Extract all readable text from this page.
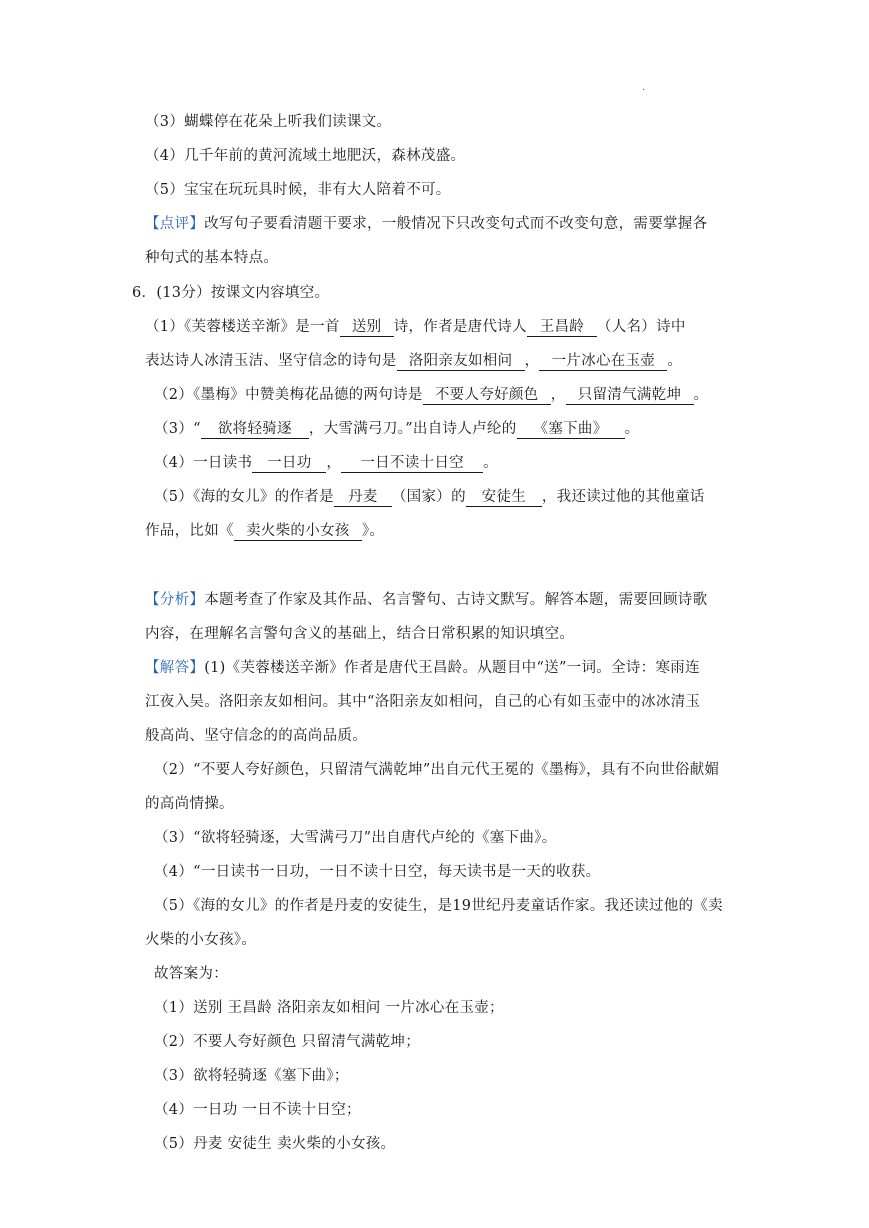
.
（3）蝴蝶停在花朵上听我们读课文。
（4）几千年前的黄河流域土地肥沃，森林茂盛。
（5）宝宝在玩玩具时候，非有大人陪着不可。
【点评】改写句子要看清题干要求，一般情况下只改变句式而不改变句意，需要掌握各
种句式的基本特点。
6．(13分）按课文内容填空。
（1）《芙蓉楼送辛渐》是一首 送别 诗，作者是唐代诗人 王昌龄 （人名）诗中
表达诗人冰清玉洁、坚守信念的诗句是 洛阳亲友如相问 ， 一片冰心在玉壶 。
（2）《墨梅》中赞美梅花品德的两句诗是 不要人夸好颜色 ， 只留清气满乾坤 。
（3）“ 欲将轻骑逐 ，大雪满弓刀。”出自诗人卢纶的 《塞下曲》 。
（4）一日读书 一日功 ， 一日不读十日空 。
（5）《海的女儿》的作者是 丹麦 （国家）的 安徒生 ，我还读过他的其他童话
作品，比如《 卖火柴的小女孩 》。
【分析】本题考查了作家及其作品、名言警句、古诗文默写。解答本题，需要回顾诗歌
内容，在理解名言警句含义的基础上，结合日常积累的知识填空。
【解答】(1)《芙蓉楼送辛渐》作者是唐代王昌龄。从题目中“送”一词。全诗：寒雨连
江夜入吴。洛阳亲友如相问。其中“洛阳亲友如相问，自己的心有如玉壶中的冰冰清玉
般高尚、坚守信念的的高尚品质。
（2）“不要人夸好颜色，只留清气满乾坤”出自元代王冕的《墨梅》，具有不向世俗献媚
的高尚情操。
（3）“欲将轻骑逐，大雪满弓刀”出自唐代卢纶的《塞下曲》。
（4）“一日读书一日功，一日不读十日空，每天读书是一天的收获。
（5）《海的女儿》的作者是丹麦的安徒生，是19世纪丹麦童话作家。我还读过他的《卖
火柴的小女孩》。
故答案为：
（1）送别 王昌龄 洛阳亲友如相问 一片冰心在玉壶；
（2）不要人夸好颜色 只留清气满乾坤；
（3）欲将轻骑逐《塞下曲》；
（4）一日功 一日不读十日空；
（5）丹麦 安徒生 卖火柴的小女孩。
